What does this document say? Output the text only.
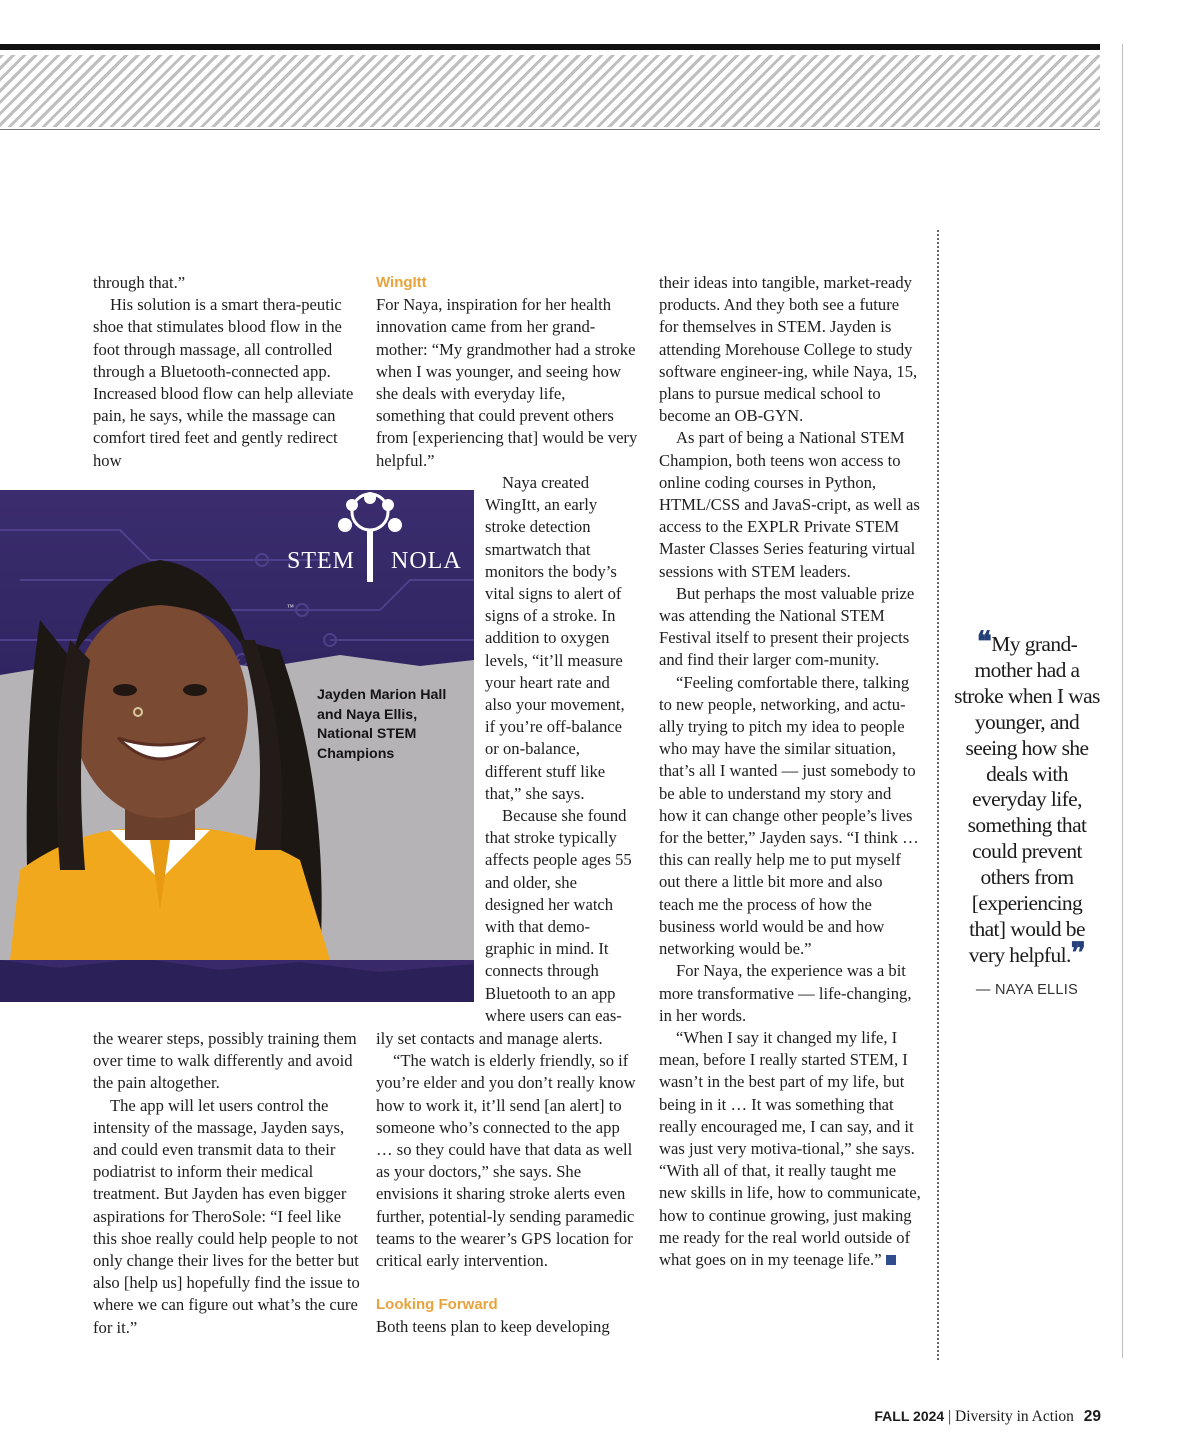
through that.”

His solution is a smart thera-peutic shoe that stimulates blood flow in the foot through massage, all controlled through a Bluetooth-connected app. Increased blood flow can help alleviate pain, he says, while the massage can comfort tired feet and gently redirect how

STEM NOLA $_™$
Jayden Marion Hall and Naya Ellis, National STEM Champions

the wearer steps, possibly training them over time to walk differently and avoid the pain altogether.

The app will let users control the intensity of the massage, Jayden says, and could even transmit data to their podiatrist to inform their medical treatment. But Jayden has even bigger aspirations for TheroSole: “I feel like this shoe really could help people to not only change their lives for the better but also [help us] hopefully find the issue to where we can figure out what’s the cure for it.”

WingItt

For Naya, inspiration for her health innovation came from her grand-mother: “My grandmother had a stroke when I was younger, and seeing how she deals with everyday life, something that could prevent others from [experiencing that] would be very helpful.”

Naya created WingItt, an early stroke detection smartwatch that monitors the body’s vital signs to alert of signs of a stroke. In addition to oxygen levels, “it’ll measure your heart rate and also your movement, if you’re off-balance or on-balance, different stuff like that,” she says.

Because she found that stroke typically affects people ages 55 and older, she designed her watch with that demo-graphic in mind. It connects through Bluetooth to an app where users can eas-

ily set contacts and manage alerts.

“The watch is elderly friendly, so if you’re elder and you don’t really know how to work it, it’ll send [an alert] to someone who’s connected to the app … so they could have that data as well as your doctors,” she says. She envisions it sharing stroke alerts even further, potential-ly sending paramedic teams to the wearer’s GPS location for critical early intervention.

Looking Forward

Both teens plan to keep developing

their ideas into tangible, market-ready products. And they both see a future for themselves in STEM. Jayden is attending Morehouse College to study software engineer-ing, while Naya, 15, plans to pursue medical school to become an OB-GYN.

As part of being a National STEM Champion, both teens won access to online coding courses in Python, HTML/CSS and JavaS-cript, as well as access to the EXPLR Private STEM Master Classes Series featuring virtual sessions with STEM leaders.

But perhaps the most valuable prize was attending the National STEM Festival itself to present their projects and find their larger com-munity.

“Feeling comfortable there, talking to new people, networking, and actu-ally trying to pitch my idea to people who may have the similar situation, that’s all I wanted — just somebody to be able to understand my story and how it can change other people’s lives for the better,” Jayden says. “I think … this can really help me to put myself out there a little bit more and also teach me the process of how the business world would be and how networking would be.”

For Naya, the experience was a bit more transformative — life-changing, in her words.

“When I say it changed my life, I mean, before I really started STEM, I wasn’t in the best part of my life, but being in it … It was something that really encouraged me, I can say, and it was just very motiva-tional,” she says. “With all of that, it really taught me new skills in life, how to communicate, how to continue growing, just making me ready for the real world outside of what goes on in my teenage life.”

❝My grand-mother had a stroke when I was younger, and seeing how she deals with everyday life, something that could prevent others from [experiencing that] would be very helpful.❞
— NAYA ELLIS
FALL 2024 | Diversity in Action 29
